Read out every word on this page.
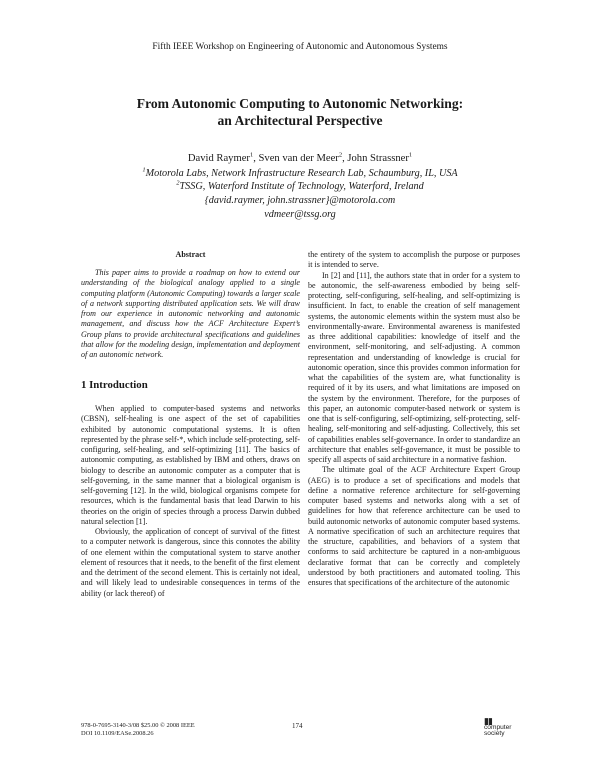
Fifth IEEE Workshop on Engineering of Autonomic and Autonomous Systems
From Autonomic Computing to Autonomic Networking:
an Architectural Perspective
David Raymer$^1$, Sven van der Meer$^2$, John Strassner$^1$
$^1$Motorola Labs, Network Infrastructure Research Lab, Schaumburg, IL, USA
$^2$TSSG, Waterford Institute of Technology, Waterford, Ireland
{david.raymer, john.strassner}@motorola.com
vdmeer@tssg.org
Abstract
This paper aims to provide a roadmap on how to extend our understanding of the biological analogy applied to a single computing platform (Autonomic Computing) towards a larger scale of a network supporting distributed application sets. We will draw from our experience in autonomic networking and autonomic management, and discuss how the ACF Architecture Expert’s Group plans to provide architectural specifications and guidelines that allow for the modeling design, implementation and deployment of an autonomic network.
1 Introduction

When applied to computer-based systems and networks (CBSN), self-healing is one aspect of the set of capabilities exhibited by autonomic computational systems. It is often represented by the phrase self-*, which include self-protecting, self-configuring, self-healing, and self-optimizing [11]. The basics of autonomic computing, as established by IBM and others, draws on biology to describe an autonomic computer as a computer that is self-governing, in the same manner that a biological organism is self-governing [12]. In the wild, biological organisms compete for resources, which is the fundamental basis that lead Darwin to his theories on the origin of species through a process Darwin dubbed natural selection [1].

Obviously, the application of concept of survival of the fittest to a computer network is dangerous, since this connotes the ability of one element within the computational system to starve another element of resources that it needs, to the benefit of the first element and the detriment of the second element. This is certainly not ideal, and will likely lead to undesirable consequences in terms of the ability (or lack thereof) of

the entirety of the system to accomplish the purpose or purposes it is intended to serve.

In [2] and [11], the authors state that in order for a system to be autonomic, the self-awareness embodied by being self-protecting, self-configuring, self-healing, and self-optimizing is insufficient. In fact, to enable the creation of self management systems, the autonomic elements within the system must also be environmentally-aware. Environmental awareness is manifested as three additional capabilities: knowledge of itself and the environment, self-monitoring, and self-adjusting. A common representation and understanding of knowledge is crucial for autonomic operation, since this provides common information for what the capabilities of the system are, what functionality is required of it by its users, and what limitations are imposed on the system by the environment. Therefore, for the purposes of this paper, an autonomic computer-based network or system is one that is self-configuring, self-optimizing, self-protecting, self-healing, self-monitoring and self-adjusting. Collectively, this set of capabilities enables self-governance. In order to standardize an architecture that enables self-governance, it must be possible to specify all aspects of said architecture in a normative fashion.

The ultimate goal of the ACF Architecture Expert Group (AEG) is to produce a set of specifications and models that define a normative reference architecture for self-governing computer based systems and networks along with a set of guidelines for how that reference architecture can be used to build autonomic networks of autonomic computer based systems. A normative specification of such an architecture requires that the structure, capabilities, and behaviors of a system that conforms to said architecture be captured in a non-ambiguous declarative format that can be correctly and completely understood by both practitioners and automated tooling. This ensures that specifications of the architecture of the autonomic

978-0-7695-3140-3/08 $25.00 © 2008 IEEE
DOI 10.1109/EASe.2008.26
174	▮▮
computer
society
